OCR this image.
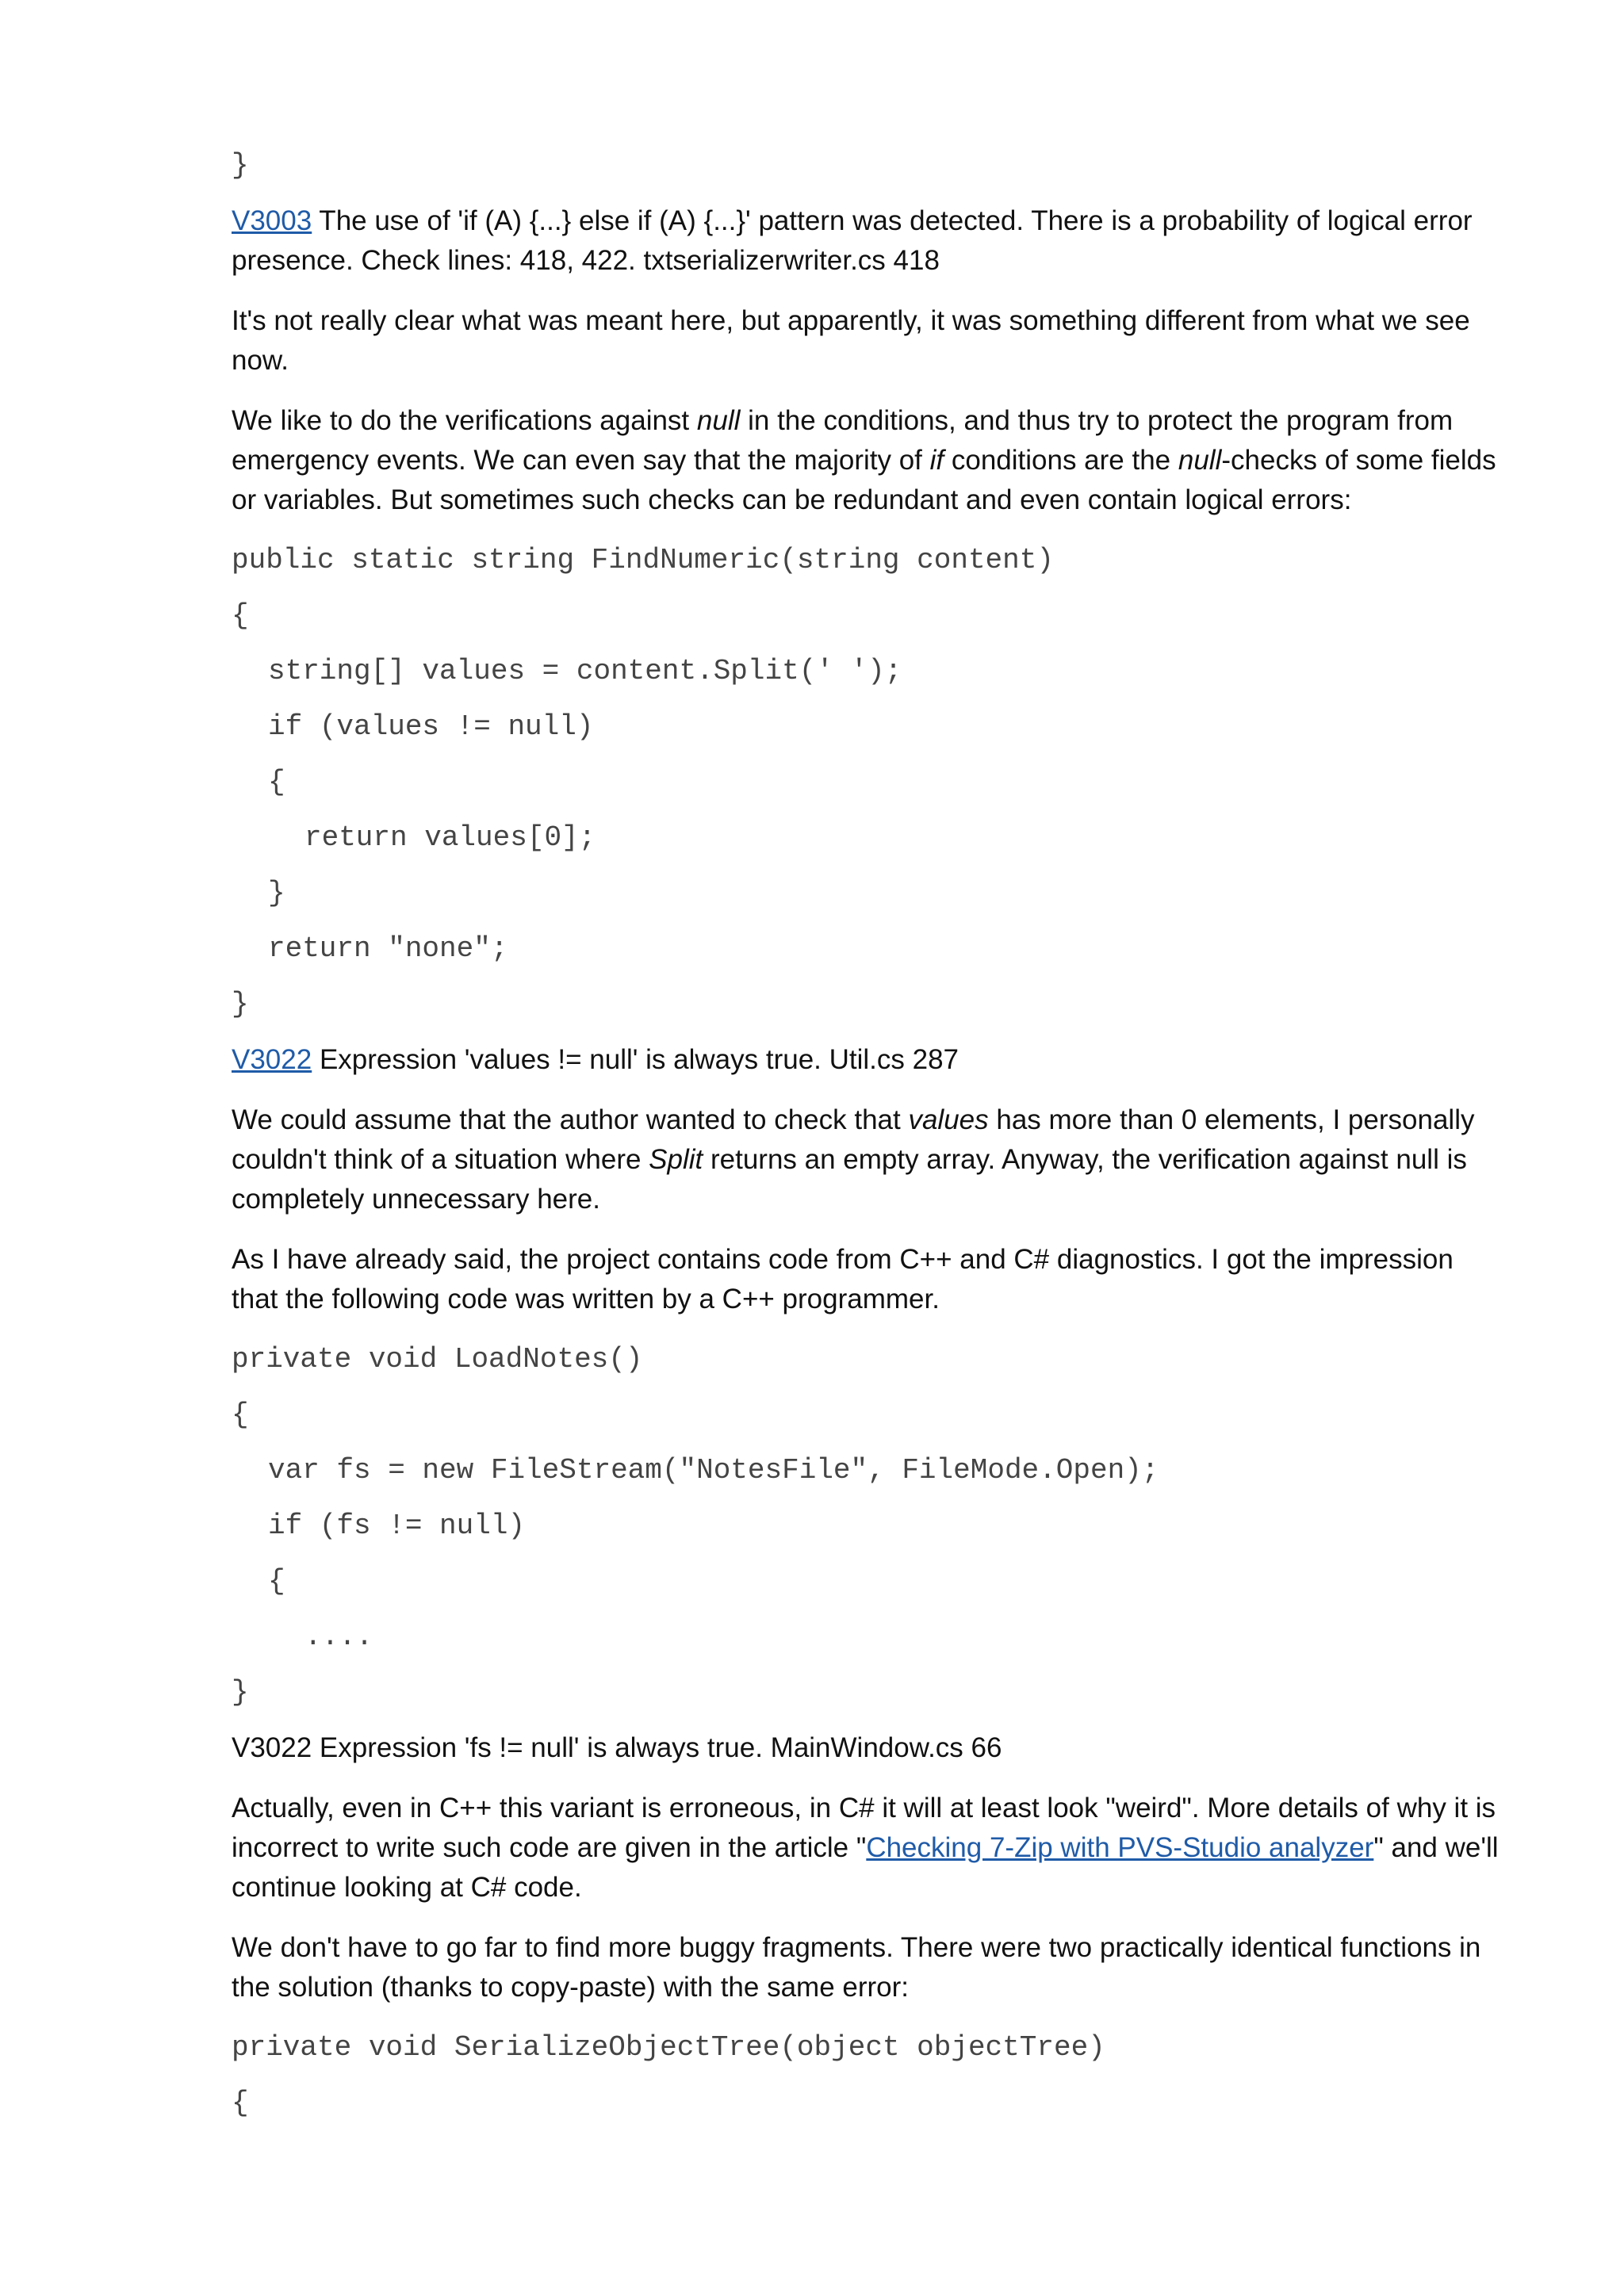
}

V3003 The use of 'if (A) {...} else if (A) {...}' pattern was detected. There is a probability of logical error presence. Check lines: 418, 422. txtserializerwriter.cs 418

It's not really clear what was meant here, but apparently, it was something different from what we see now.

We like to do the verifications against null in the conditions, and thus try to protect the program from emergency events. We can even say that the majority of if conditions are the null-checks of some fields or variables. But sometimes such checks can be redundant and even contain logical errors:

public static string FindNumeric(string content)
{
string[] values = content.Split(' ');
if (values != null)
{
return values[0];
}
return "none";
}

V3022 Expression 'values != null' is always true. Util.cs 287

We could assume that the author wanted to check that values has more than 0 elements, I personally couldn't think of a situation where Split returns an empty array. Anyway, the verification against null is completely unnecessary here.

As I have already said, the project contains code from C++ and C# diagnostics. I got the impression that the following code was written by a C++ programmer.

private void LoadNotes()
{
var fs = new FileStream("NotesFile", FileMode.Open);
if (fs != null)
{
....
}

V3022 Expression 'fs != null' is always true. MainWindow.cs 66

Actually, even in C++ this variant is erroneous, in C# it will at least look "weird". More details of why it is incorrect to write such code are given in the article "Checking 7-Zip with PVS-Studio analyzer" and we'll continue looking at C# code.

We don't have to go far to find more buggy fragments. There were two practically identical functions in the solution (thanks to copy-paste) with the same error:

private void SerializeObjectTree(object objectTree)
{
